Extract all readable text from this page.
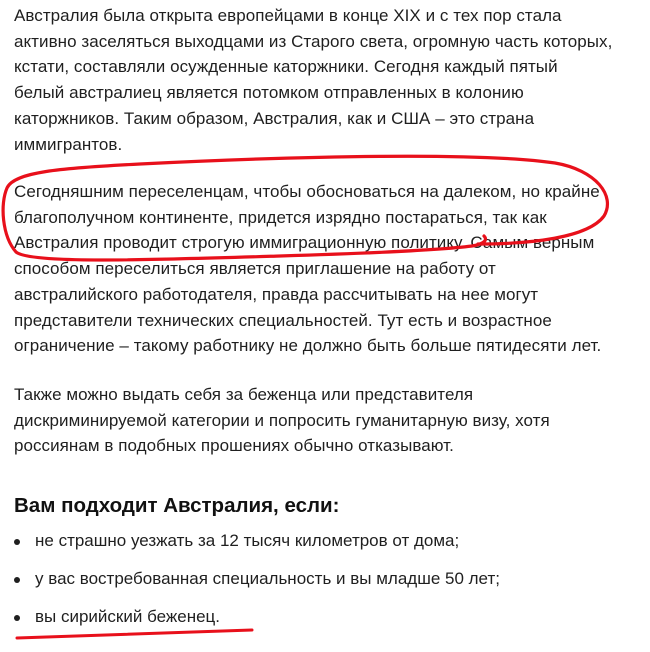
Австралия была открыта европейцами в конце XIX и с тех пор стала
активно заселяться выходцами из Старого света, огромную часть которых,
кстати, составляли осужденные каторжники. Сегодня каждый пятый
белый австралиец является потомком отправленных в колонию
каторжников. Таким образом, Австралия, как и США – это страна
иммигрантов.

Сегодняшним переселенцам, чтобы обосноваться на далеком, но крайне
благополучном континенте, придется изрядно постараться, так как
Австралия проводит строгую иммиграционную политику. Самым верным
способом переселиться является приглашение на работу от
австралийского работодателя, правда рассчитывать на нее могут
представители технических специальностей. Тут есть и возрастное
ограничение – такому работнику не должно быть больше пятидесяти лет.

Также можно выдать себя за беженца или представителя
дискриминируемой категории и попросить гуманитарную визу, хотя
россиянам в подобных прошениях обычно отказывают.

Вам подходит Австралия, если:
не страшно уезжать за 12 тысяч километров от дома;
у вас востребованная специальность и вы младше 50 лет;
вы сирийский беженец.
